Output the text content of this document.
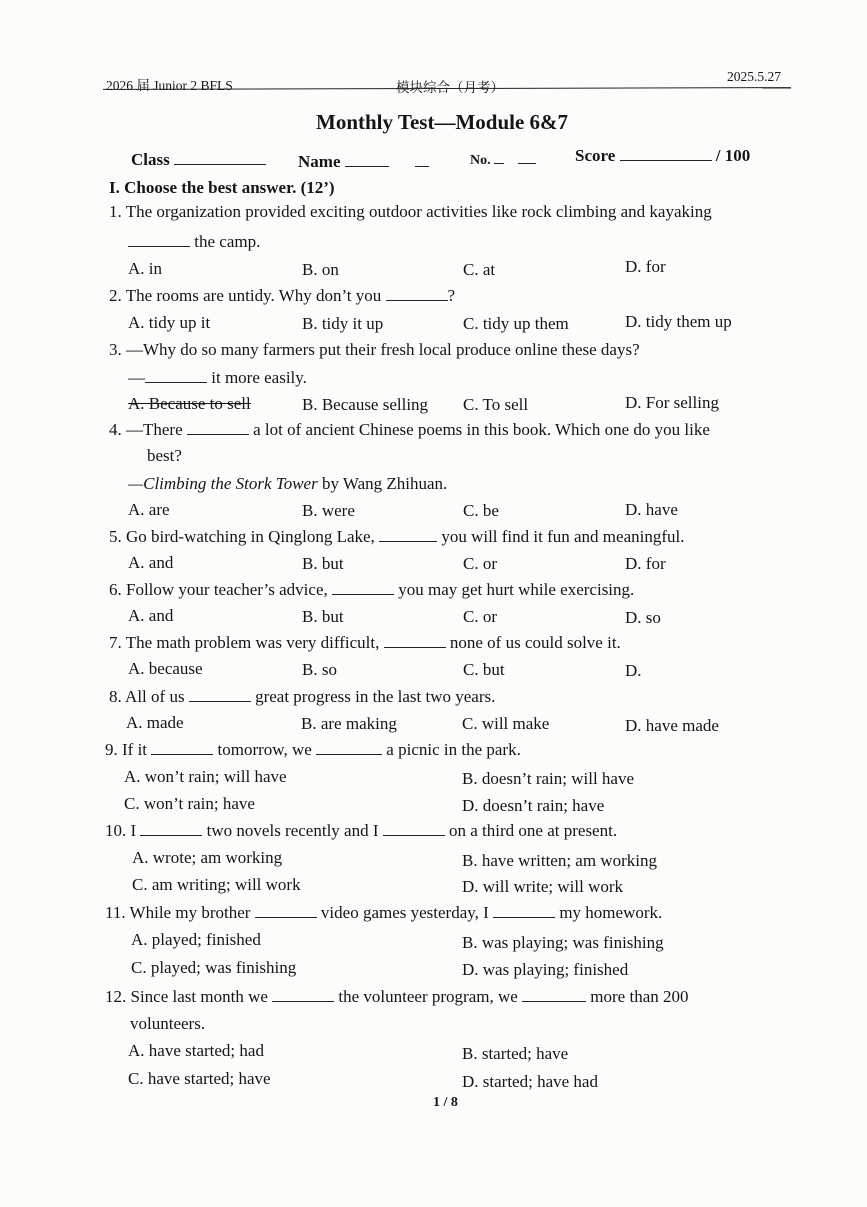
2026 届 Junior 2 BFLS	模块综合（月考）
2025.5.27
Monthly Test—Module 6&7
Class	Name	No.	Score	/ 100
I. Choose the best answer. (12’)
1. The organization provided exciting outdoor activities like rock climbing and kayaking
the camp.
A. in	B. on	C. at	D. for
2. The rooms are untidy. Why don’t you	?
A. tidy up it	B. tidy it up	C. tidy up them	D. tidy them up
3. —Why do so many farmers put their fresh local produce online these days?
—	it more easily.
A. Because to sell	B. Because selling C. To sell	D. For selling
4. —There	a lot of ancient Chinese poems in this book. Which one do you like
best?
—Climbing the Stork Tower by Wang Zhihuan.
A. are	B. were	C. be	D. have
5. Go bird-watching in Qinglong Lake,	you will find it fun and meaningful.
A. and	B. but	C. or	D. for
6. Follow your teacher’s advice,	you may get hurt while exercising.
A. and	B. but	C. or	D. so
7. The math problem was very difficult,	none of us could solve it.
A. because	B. so	C. but	D.
8. All of us	great progress in the last two years.
A. made	B. are making	C. will make	D. have made
9. If it	tomorrow, we	a picnic in the park.
A. won’t rain; will have	B. doesn’t rain; will have
C. won’t rain; have	D. doesn’t rain; have
10. I	two novels recently and I	on a third one at present.
A. wrote; am working	B. have written; am working
C. am writing; will work	D. will write; will work
11. While my brother	video games yesterday, I	my homework.
A. played; finished	B. was playing; was finishing
C. played; was finishing	D. was playing; finished
12. Since last month we	the volunteer program, we	more than 200
volunteers.
A. have started; had	B. started; have
C. have started; have	D. started; have had
1 / 8
